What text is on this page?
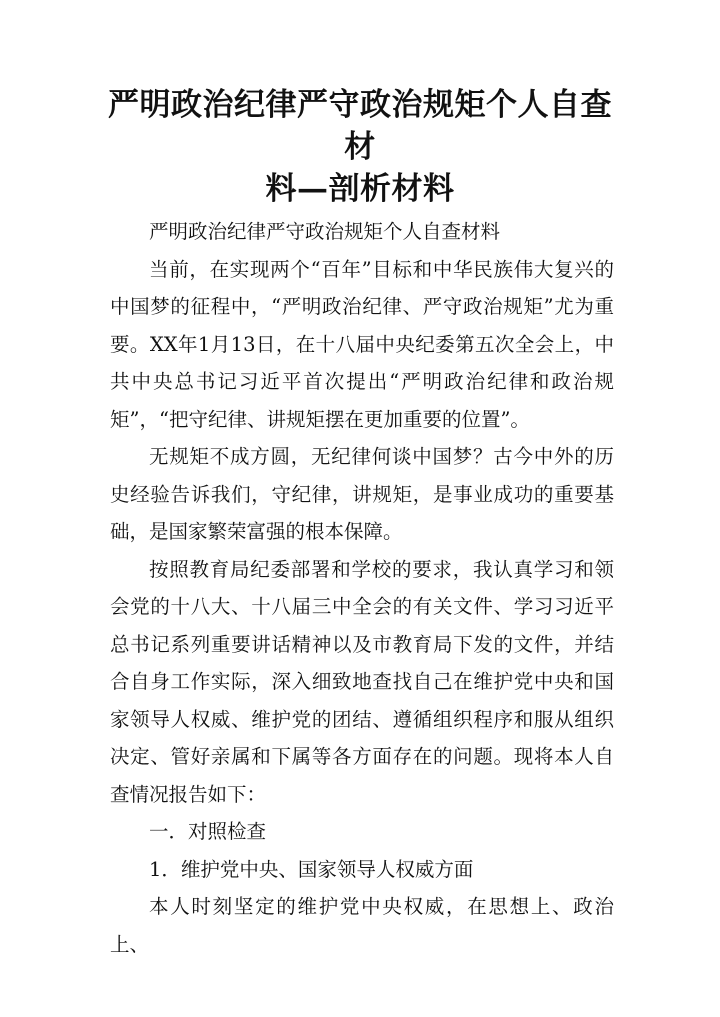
严明政治纪律严守政治规矩个人自查材
料—剖析材料

严明政治纪律严守政治规矩个人自查材料

当前，在实现两个“百年”目标和中华民族伟大复兴的中国梦的征程中，“严明政治纪律、严守政治规矩”尤为重要。XX年1月13日，在十八届中央纪委第五次全会上，中共中央总书记习近平首次提出“严明政治纪律和政治规矩”，“把守纪律、讲规矩摆在更加重要的位置”。

无规矩不成方圆，无纪律何谈中国梦？古今中外的历史经验告诉我们，守纪律，讲规矩，是事业成功的重要基础，是国家繁荣富强的根本保障。

按照教育局纪委部署和学校的要求，我认真学习和领会党的十八大、十八届三中全会的有关文件、学习习近平总书记系列重要讲话精神以及市教育局下发的文件，并结合自身工作实际，深入细致地查找自己在维护党中央和国家领导人权威、维护党的团结、遵循组织程序和服从组织决定、管好亲属和下属等各方面存在的问题。现将本人自查情况报告如下：

一．对照检查

1．维护党中央、国家领导人权威方面

本人时刻坚定的维护党中央权威，在思想上、政治上、
